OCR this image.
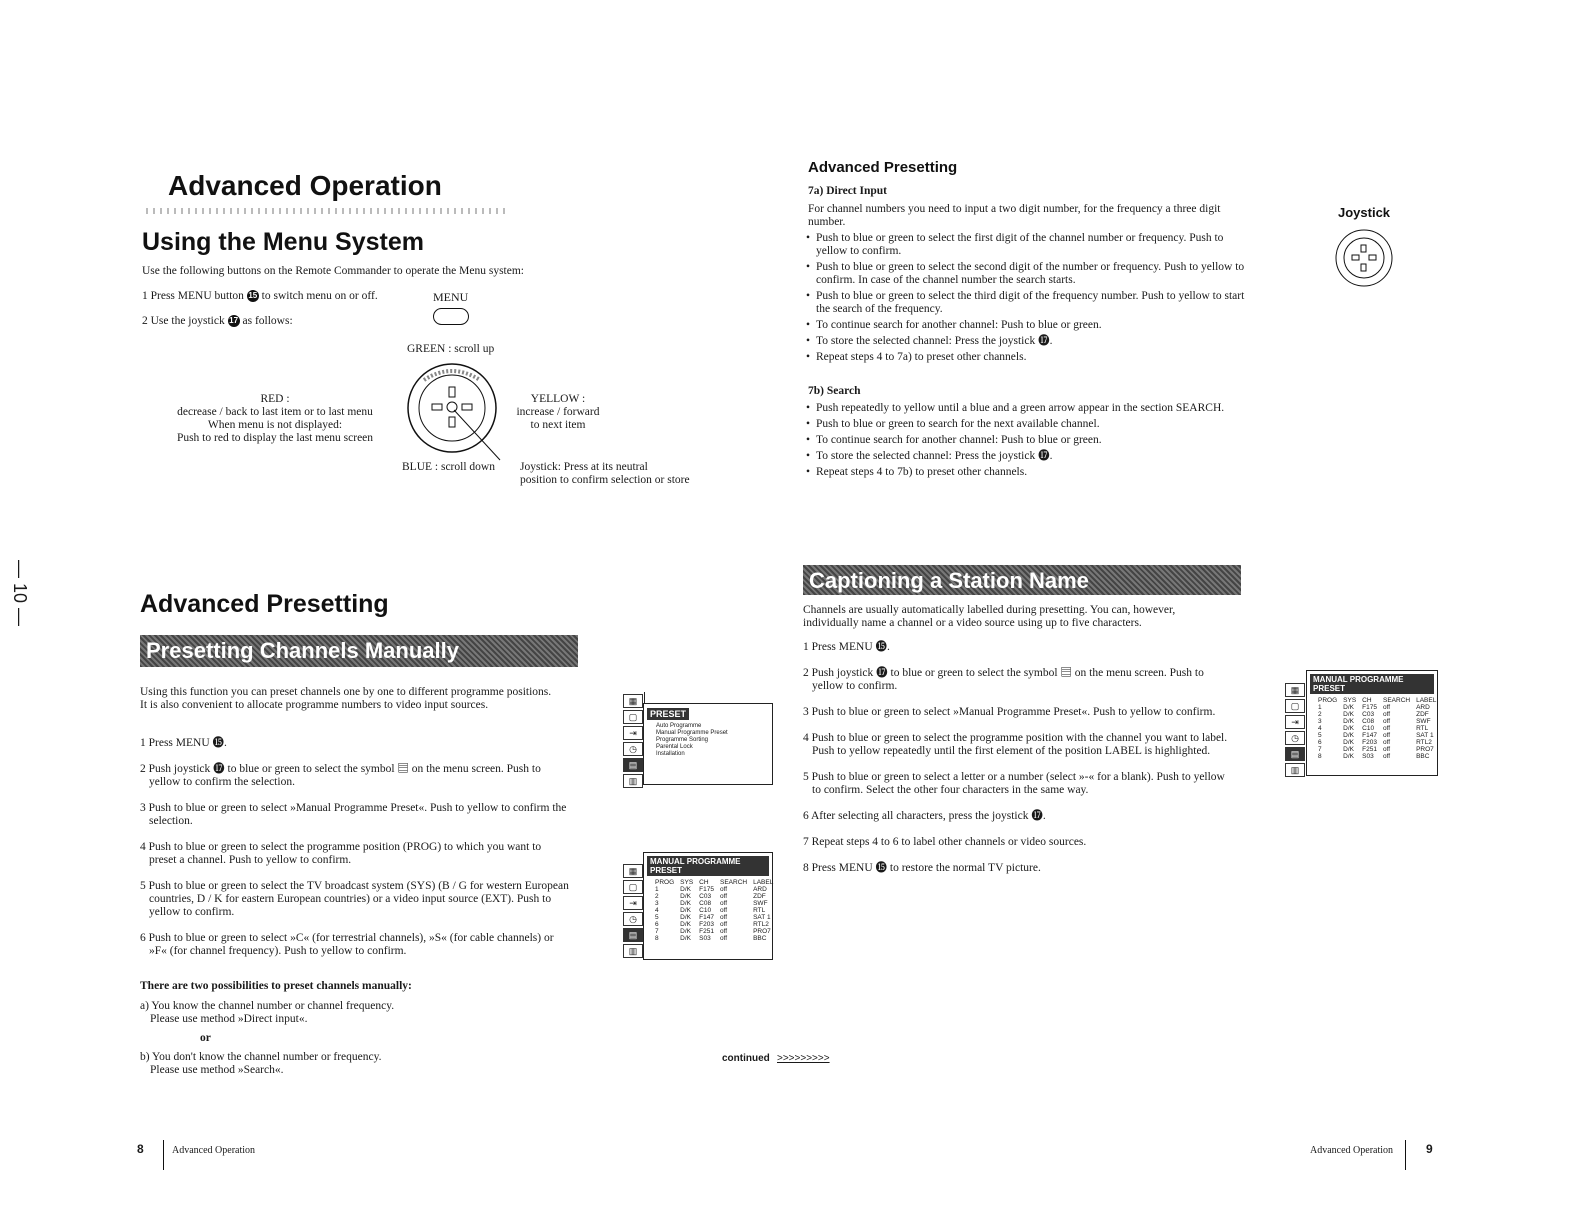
— 10 —
Advanced Operation
Using the Menu System
Use the following buttons on the Remote Commander to operate the Menu system:
1 Press MENU button 15 to switch menu on or off.
2 Use the joystick 17 as follows:
MENU
GREEN : scroll up
RED :
decrease / back to last item or to last menu
When menu is not displayed:
Push to red to display the last menu screen
YELLOW :
increase / forward
to next item
BLUE : scroll down Joystick: Press at its neutral
position to confirm selection or store
Advanced Presetting
Presetting Channels Manually
Using this function you can preset channels one by one to different programme positions. It is also convenient to allocate programme numbers to video input sources.
1 Press MENU ⓯.
2 Push joystick ⓱ to blue or green to select the symbol ▤ on the menu screen. Push to yellow to confirm the selection.
3 Push to blue or green to select »Manual Programme Preset«. Push to yellow to confirm the selection.
4 Push to blue or green to select the programme position (PROG) to which you want to preset a channel. Push to yellow to confirm.
5 Push to blue or green to select the TV broadcast system (SYS) (B / G for western European countries, D / K for eastern European countries) or a video input source (EXT). Push to yellow to confirm.
6 Push to blue or green to select »C« (for terrestrial channels), »S« (for cable channels) or »F« (for channel frequency). Push to yellow to confirm.
There are two possibilities to preset channels manually:
a) You know the channel number or channel frequency.
Please use method »Direct input«.
or
b) You don't know the channel number or frequency.
Please use method »Search«.
▦
▢
⇥
◷
▤
▥
PRESET
Auto Programme
Manual Programme Preset
Programme Sorting
Parental Lock
Installation
▦
▢
⇥
◷
▤
▥
MANUAL PROGRAMME PRESET
PROG	SYS	CH	SEARCH	LABEL
1	D/K	F175	off	ARD
2	D/K	C03	off	ZDF
3	D/K	C08	off	SWF
4	D/K	C10	off	RTL
5	D/K	F147	off	SAT 1
6	D/K	F203	off	RTL2
7	D/K	F251	off	PRO7
8	D/K	S03	off	BBC
continued >>>>>>>>>
8	Advanced Operation
Advanced Presetting
7a) Direct Input
For channel numbers you need to input a two digit number, for the frequency a three digit number.
• Push to blue or green to select the first digit of the channel number or frequency. Push to yellow to confirm.
• Push to blue or green to select the second digit of the number or frequency. Push to yellow to confirm. In case of the channel number the search starts.
• Push to blue or green to select the third digit of the frequency number. Push to yellow to start the search of the frequency.
• To continue search for another channel: Push to blue or green.
• To store the selected channel: Press the joystick ⓱.
• Repeat steps 4 to 7a) to preset other channels.
7b) Search
• Push repeatedly to yellow until a blue and a green arrow appear in the section SEARCH.
• Push to blue or green to search for the next available channel.
• To continue search for another channel: Push to blue or green.
• To store the selected channel: Press the joystick ⓱.
• Repeat steps 4 to 7b) to preset other channels.
Joystick
Captioning a Station Name
Channels are usually automatically labelled during presetting. You can, however, individually name a channel or a video source using up to five characters.
1 Press MENU ⓯.
2 Push joystick ⓱ to blue or green to select the symbol ▤ on the menu screen. Push to yellow to confirm.
3 Push to blue or green to select »Manual Programme Preset«. Push to yellow to confirm.
4 Push to blue or green to select the programme position with the channel you want to label. Push to yellow repeatedly until the first element of the position LABEL is highlighted.
5 Push to blue or green to select a letter or a number (select »-« for a blank). Push to yellow to confirm. Select the other four characters in the same way.
6 After selecting all characters, press the joystick ⓱.
7 Repeat steps 4 to 6 to label other channels or video sources.
8 Press MENU ⓯ to restore the normal TV picture.
▦
▢
⇥
◷
▤
▥
MANUAL PROGRAMME PRESET
PROG	SYS	CH	SEARCH	LABEL
1	D/K	F175	off	ARD
2	D/K	C03	off	ZDF
3	D/K	C08	off	SWF
4	D/K	C10	off	RTL
5	D/K	F147	off	SAT 1
6	D/K	F203	off	RTL2
7	D/K	F251	off	PRO7
8	D/K	S03	off	BBC
Advanced Operation	9
